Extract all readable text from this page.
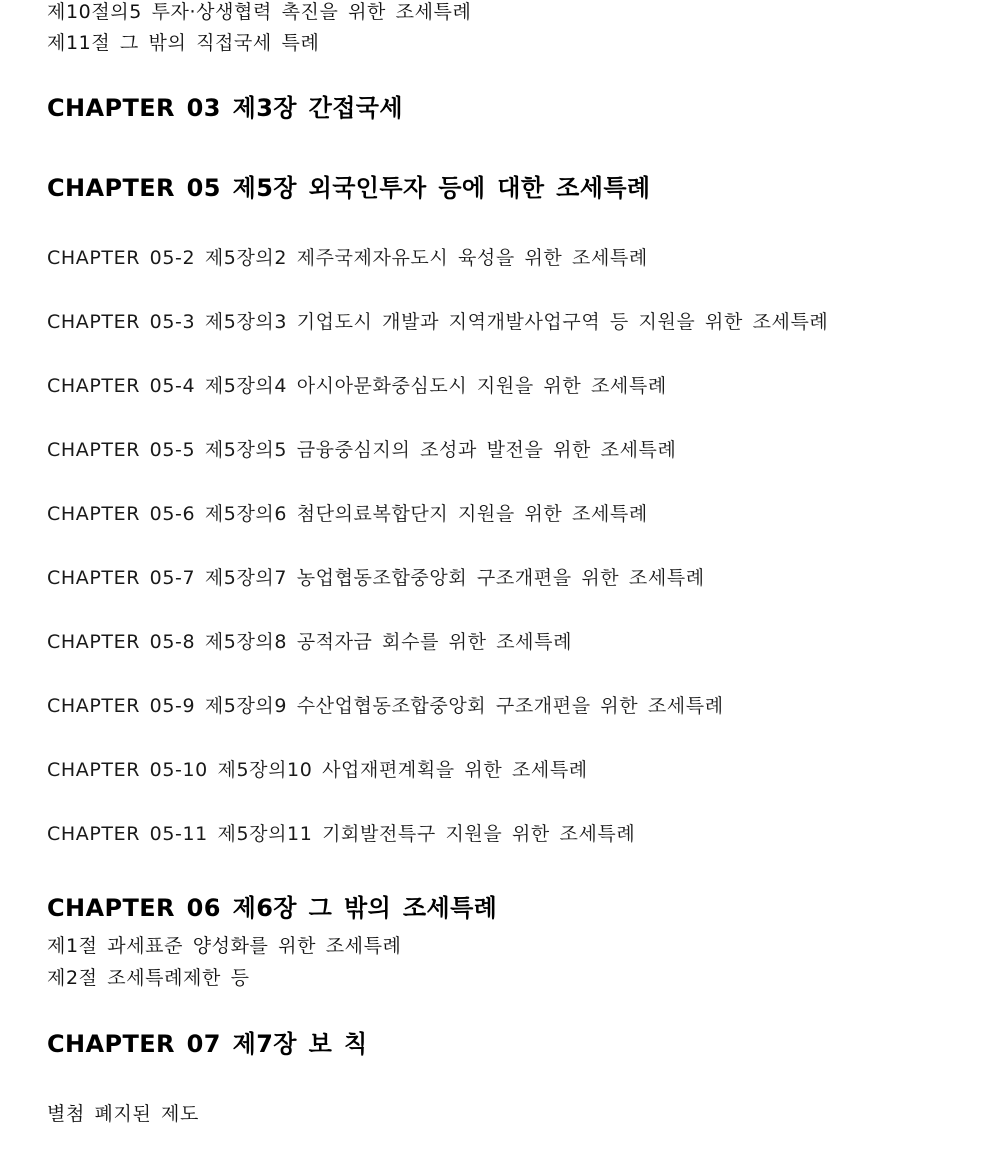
제10절의5 투자·상생협력 촉진을 위한 조세특례
제11절 그 밖의 직접국세 특례
CHAPTER 03 제3장 간접국세
CHAPTER 05 제5장 외국인투자 등에 대한 조세특례
CHAPTER 05-2 제5장의2 제주국제자유도시 육성을 위한 조세특례
CHAPTER 05-3 제5장의3 기업도시 개발과 지역개발사업구역 등 지원을 위한 조세특례
CHAPTER 05-4 제5장의4 아시아문화중심도시 지원을 위한 조세특례
CHAPTER 05-5 제5장의5 금융중심지의 조성과 발전을 위한 조세특례
CHAPTER 05-6 제5장의6 첨단의료복합단지 지원을 위한 조세특례
CHAPTER 05-7 제5장의7 농업협동조합중앙회 구조개편을 위한 조세특례
CHAPTER 05-8 제5장의8 공적자금 회수를 위한 조세특례
CHAPTER 05-9 제5장의9 수산업협동조합중앙회 구조개편을 위한 조세특례
CHAPTER 05-10 제5장의10 사업재편계획을 위한 조세특례
CHAPTER 05-11 제5장의11 기회발전특구 지원을 위한 조세특례
CHAPTER 06 제6장 그 밖의 조세특례
제1절 과세표준 양성화를 위한 조세특례
제2절 조세특례제한 등
CHAPTER 07 제7장 보 칙
별첨 폐지된 제도
